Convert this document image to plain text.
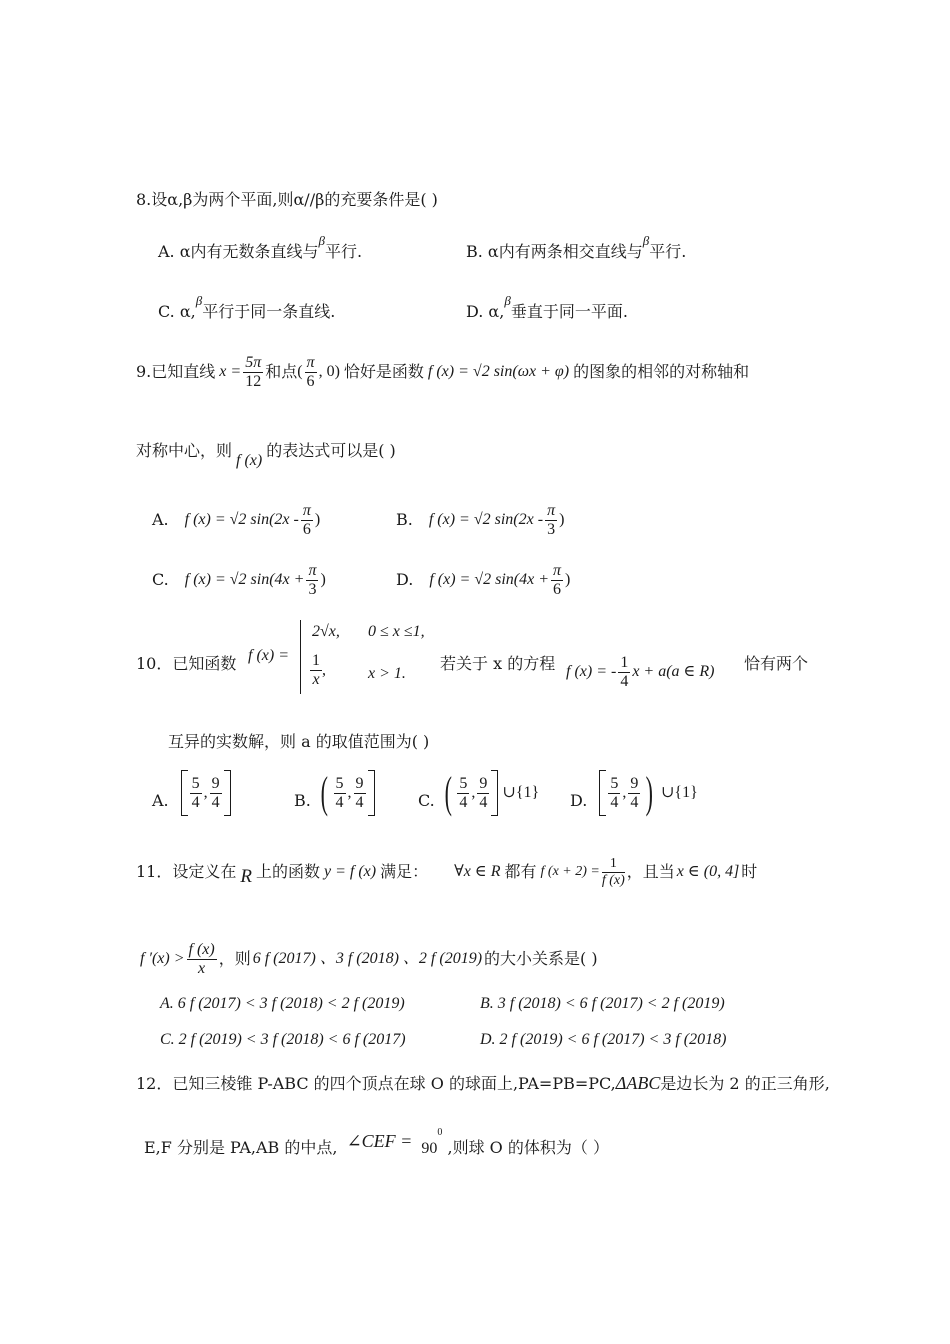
8.设α,β为两个平面,则α//β的充要条件是( )
A. α内有无数条直线与$^\beta$平行.	B. α内有两条相交直线与$^\beta$平行.
C. α,$^\beta$平行于同一条直线.	D. α,$^\beta$垂直于同一平面.
9.已知直线 $x = \frac{5\pi}{12}$ 和点 ( $\frac{\pi}{6}$ , 0) 恰好是函数 f (x) = √2 sin(ωx + φ) 的图象的相邻的对称轴和
对称中心，则
f (x)
的表达式可以是( )
A. f (x) = √2 $\sin(2x - \frac{\pi}{6}$ )	B. f (x) = √2 $\sin(2x - \frac{\pi}{3}$ )
C. f (x) = √2 $\sin(4x + \frac{\pi}{3}$ )	D. f (x) = √2 $\sin(4x + \frac{\pi}{6}$ )
10．已知函数 f (x) =
2√x, 0 ≤ x ≤1,
$\frac{1}{x}$ ,	x > 1.
若关于 x 的方程 f (x) = - $\frac{1}{4}$ x + a(a ∈ R) 恰有两个
互异的实数解，则 a 的取值范围为( )
A. $\frac{5}{4}$ , $\frac{9}{4}$	B. ( $\frac{5}{4}$ , $\frac{9}{4}$	C. ( $\frac{5}{4}$ , $\frac{9}{4}$ ∪{1} D. $\frac{5}{4}$ , $\frac{9}{4}$ ) ∪{1}
11．设定义在 R 上的函数 y = f (x) 满足： ∀x ∈ R 都有 f $(x + 2) = \frac{1}{f (x)}$ ，且当 x ∈ (0, 4] 时
f $'(x) > \frac{f (x)}{x}$ ，则 6 f (2017) 、3 f (2018) 、2 f (2019) 的大小关系是( )
A. 6 f (2017) < 3 f (2018) < 2 f (2019)	B. 3 f (2018) < 6 f (2017) < 2 f (2019)
C. 2 f (2019) < 3 f (2018) < 6 f (2017)	D. 2 f (2019) < 6 f (2017) < 3 f (2018)
12．已知三棱锥 P-ABC 的四个顶点在球 O 的球面上,PA=PB=PC,ΔABC是边长为 2 的正三角形,
E,F 分别是 PA,AB 的中点, ∠CEF = $90^0$ ,则球 O 的体积为（ ）
